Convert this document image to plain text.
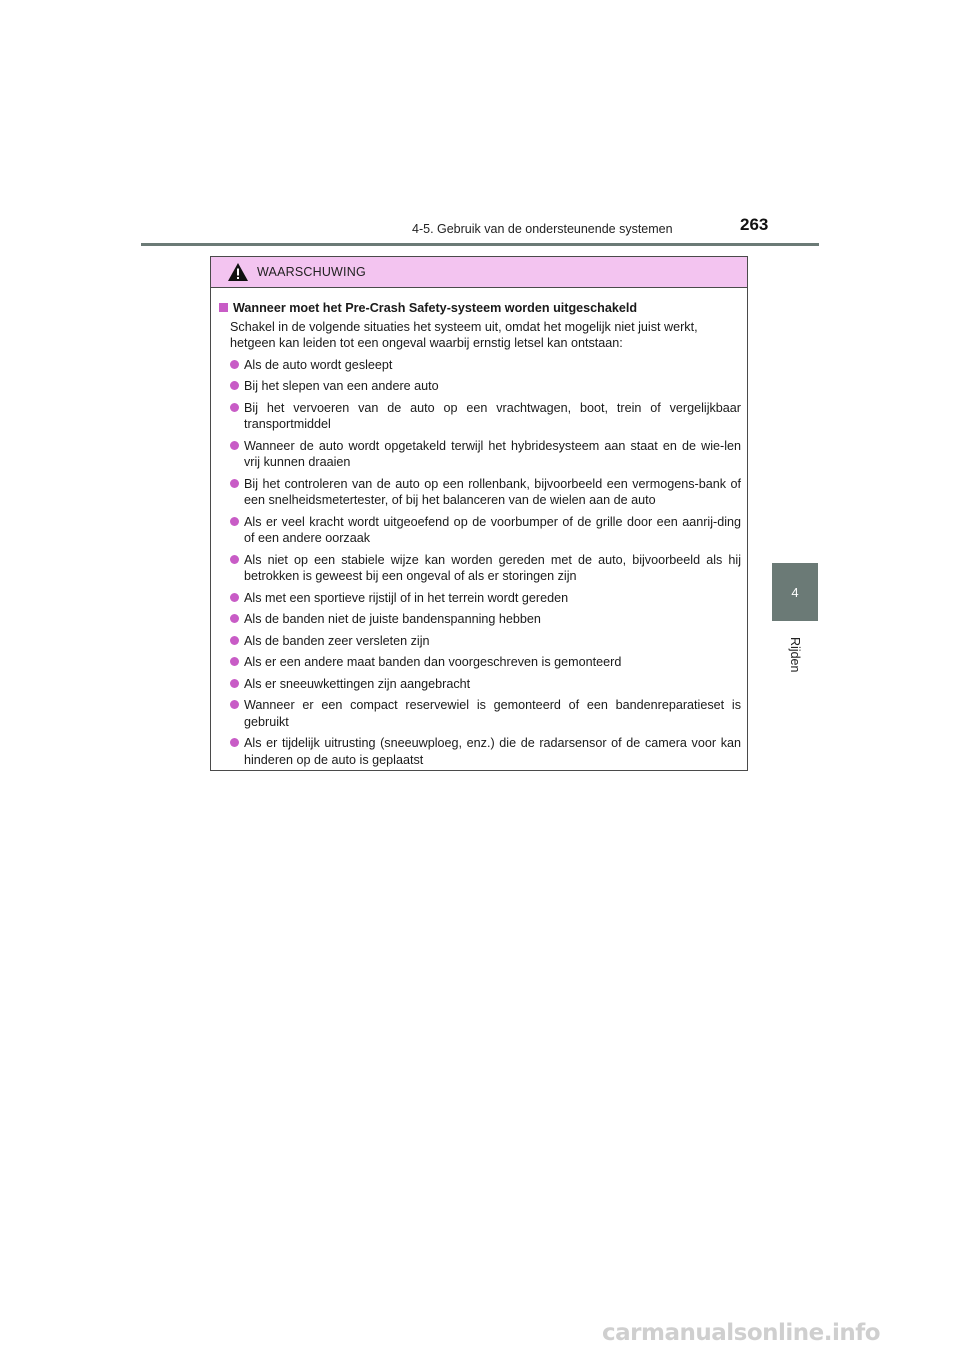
4-5. Gebruik van de ondersteunende systemen	263
4
Rijden
WAARSCHUWING
Wanneer moet het Pre-Crash Safety-systeem worden uitgeschakeld
Schakel in de volgende situaties het systeem uit, omdat het mogelijk niet juist werkt, hetgeen kan leiden tot een ongeval waarbij ernstig letsel kan ontstaan:
Als de auto wordt gesleept
Bij het slepen van een andere auto
Bij het vervoeren van de auto op een vrachtwagen, boot, trein of vergelijkbaar transportmiddel
Wanneer de auto wordt opgetakeld terwijl het hybridesysteem aan staat en de wie-len vrij kunnen draaien
Bij het controleren van de auto op een rollenbank, bijvoorbeeld een vermogens-bank of een snelheidsmetertester, of bij het balanceren van de wielen aan de auto
Als er veel kracht wordt uitgeoefend op de voorbumper of de grille door een aanrij-ding of een andere oorzaak
Als niet op een stabiele wijze kan worden gereden met de auto, bijvoorbeeld als hij betrokken is geweest bij een ongeval of als er storingen zijn
Als met een sportieve rijstijl of in het terrein wordt gereden
Als de banden niet de juiste bandenspanning hebben
Als de banden zeer versleten zijn
Als er een andere maat banden dan voorgeschreven is gemonteerd
Als er sneeuwkettingen zijn aangebracht
Wanneer er een compact reservewiel is gemonteerd of een bandenreparatieset is gebruikt
Als er tijdelijk uitrusting (sneeuwploeg, enz.) die de radarsensor of de camera voor kan hinderen op de auto is geplaatst
carmanualsonline.info
